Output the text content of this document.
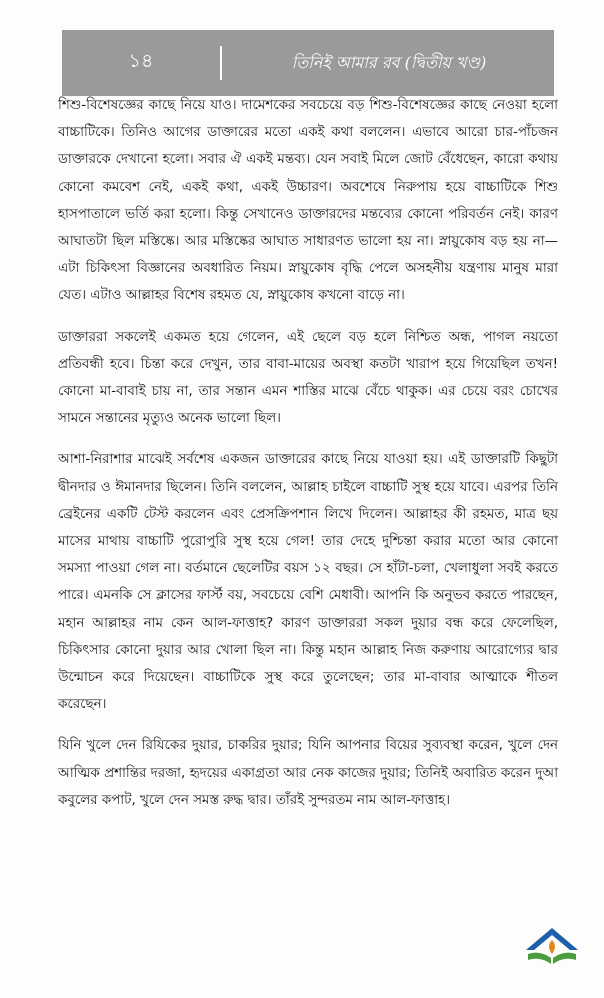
১৪	তিনিই আমার রব (দ্বিতীয় খণ্ড)

শিশু-বিশেষজ্ঞের কাছে নিয়ে যাও। দামেশকের সবচেয়ে বড় শিশু-বিশেষজ্ঞের কাছে নেওয়া হলো বাচ্চাটিকে। তিনিও আগের ডাক্তারের মতো একই কথা বললেন। এভাবে আরো চার-পাঁচজন ডাক্তারকে দেখানো হলো। সবার ঐ একই মন্তব্য। যেন সবাই মিলে জোট বেঁধেছেন, কারো কথায় কোনো কমবেশ নেই, একই কথা, একই উচ্চারণ। অবশেষে নিরুপায় হয়ে বাচ্চাটিকে শিশু হাসপাতালে ভর্তি করা হলো। কিন্তু সেখানেও ডাক্তারদের মন্তব্যের কোনো পরিবর্তন নেই। কারণ আঘাতটা ছিল মস্তিষ্কে। আর মস্তিষ্কের আঘাত সাধারণত ভালো হয় না। স্নায়ুকোষ বড় হয় না—এটা চিকিৎসা বিজ্ঞানের অবধারিত নিয়ম। স্নায়ুকোষ বৃদ্ধি পেলে অসহনীয় যন্ত্রণায় মানুষ মারা যেত। এটাও আল্লাহর বিশেষ রহমত যে, স্নায়ুকোষ কখনো বাড়ে না।

ডাক্তাররা সকলেই একমত হয়ে গেলেন, এই ছেলে বড় হলে নিশ্চিত অন্ধ, পাগল নয়তো প্রতিবন্ধী হবে। চিন্তা করে দেখুন, তার বাবা-মায়ের অবস্থা কতটা খারাপ হয়ে গিয়েছিল তখন! কোনো মা-বাবাই চায় না, তার সন্তান এমন শাস্তির মাঝে বেঁচে থাকুক। এর চেয়ে বরং চোখের সামনে সন্তানের মৃত্যুও অনেক ভালো ছিল।

আশা-নিরাশার মাঝেই সর্বশেষ একজন ডাক্তারের কাছে নিয়ে যাওয়া হয়। এই ডাক্তারটি কিছুটা দ্বীনদার ও ঈমানদার ছিলেন। তিনি বললেন, আল্লাহ চাইলে বাচ্চাটি সুস্থ হয়ে যাবে। এরপর তিনি ব্রেইনের একটি টেস্ট করলেন এবং প্রেসক্রিপশান লিখে দিলেন। আল্লাহর কী রহমত, মাত্র ছয় মাসের মাথায় বাচ্চাটি পুরোপুরি সুস্থ হয়ে গেল! তার দেহে দুশ্চিন্তা করার মতো আর কোনো সমস্যা পাওয়া গেল না। বর্তমানে ছেলেটির বয়স ১২ বছর। সে হাঁটা-চলা, খেলাধুলা সবই করতে পারে। এমনকি সে ক্লাসের ফার্স্ট বয়, সবচেয়ে বেশি মেধাবী। আপনি কি অনুভব করতে পারছেন, মহান আল্লাহর নাম কেন আল-ফাত্তাহ? কারণ ডাক্তাররা সকল দুয়ার বন্ধ করে ফেলেছিল, চিকিৎসার কোনো দুয়ার আর খোলা ছিল না। কিন্তু মহান আল্লাহ নিজ করুণায় আরোগ্যের দ্বার উন্মোচন করে দিয়েছেন। বাচ্চাটিকে সুস্থ করে তুলেছেন; তার মা-বাবার আত্মাকে শীতল করেছেন।

যিনি খুলে দেন রিযিকের দুয়ার, চাকরির দুয়ার; যিনি আপনার বিয়ের সুব্যবস্থা করেন, খুলে দেন আত্মিক প্রশান্তির দরজা, হৃদয়ের একাগ্রতা আর নেক কাজের দুয়ার; তিনিই অবারিত করেন দুআ কবুলের কপাট, খুলে দেন সমস্ত রুদ্ধ দ্বার। তাঁরই সুন্দরতম নাম আল-ফাত্তাহ।
